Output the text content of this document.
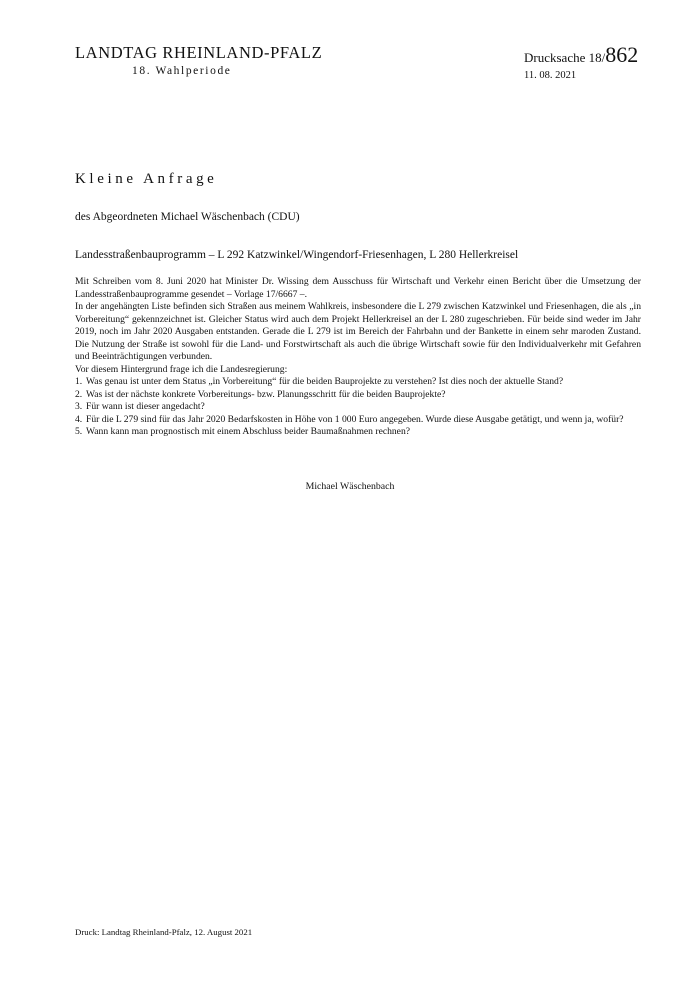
LANDTAG RHEINLAND-PFALZ
18. Wahlperiode
Drucksache 18/862
11. 08. 2021
Kleine Anfrage
des Abgeordneten Michael Wäschenbach (CDU)
Landesstraßenbauprogramm – L 292 Katzwinkel/Wingendorf-Friesenhagen, L 280 Hellerkreisel

Mit Schreiben vom 8. Juni 2020 hat Minister Dr. Wissing dem Ausschuss für Wirtschaft und Verkehr einen Bericht über die Umsetzung der Landesstraßenbauprogramme gesendet – Vorlage 17/6667 –.

In der angehängten Liste befinden sich Straßen aus meinem Wahlkreis, insbesondere die L 279 zwischen Katzwinkel und Friesenhagen, die als „in Vorbereitung“ gekennzeichnet ist. Gleicher Status wird auch dem Projekt Hellerkreisel an der L 280 zugeschrieben. Für beide sind weder im Jahr 2019, noch im Jahr 2020 Ausgaben entstanden. Gerade die L 279 ist im Bereich der Fahrbahn und der Bankette in einem sehr maroden Zustand. Die Nutzung der Straße ist sowohl für die Land- und Forstwirtschaft als auch die übrige Wirtschaft sowie für den Individualverkehr mit Gefahren und Beeinträchtigungen verbunden.

Vor diesem Hintergrund frage ich die Landesregierung:

1. Was genau ist unter dem Status „in Vorbereitung“ für die beiden Bauprojekte zu verstehen? Ist dies noch der aktuelle Stand?
2. Was ist der nächste konkrete Vorbereitungs- bzw. Planungsschritt für die beiden Bauprojekte?
3. Für wann ist dieser angedacht?
4. Für die L 279 sind für das Jahr 2020 Bedarfskosten in Höhe von 1 000 Euro angegeben. Wurde diese Ausgabe getätigt, und wenn ja, wofür?
5. Wann kann man prognostisch mit einem Abschluss beider Baumaßnahmen rechnen?
Michael Wäschenbach
Druck: Landtag Rheinland-Pfalz, 12. August 2021
